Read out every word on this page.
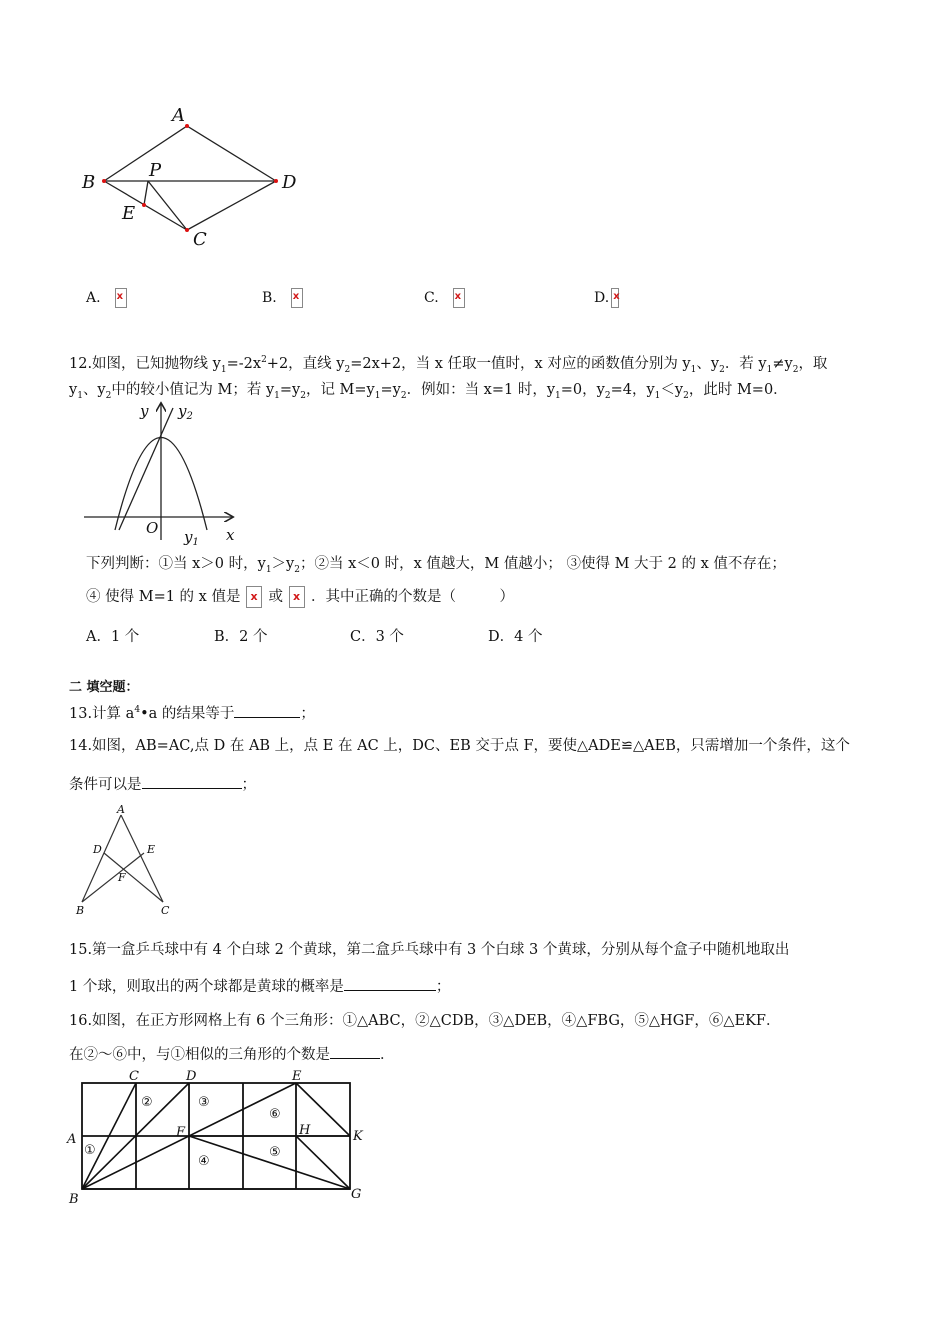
A
B
P
D
E
C
A. x	B. x	C. x	D.x
12.如图，已知抛物线 $y_1=-2x^2+2$，直线 $y_2=2x+2$，当 x 任取一值时，x 对应的函数值分别为 $y_1$、$y_2$．若 $y_1\ne y_2$，取
$y_1$、$y_2$中的较小值记为 M；若 $y_1=y_2$，记 $M=y_1=y_2$．例如：当 x=1 时，$y_1=0$，$y_2=4$，$y_1<y_2$，此时 M=0．
y $y_2$
O	x
$y_1$
下列判断：①当 x＞0 时，$y_1>y_2$；②当 x＜0 时，x 值越大，M 值越小； ③使得 M 大于 2 的 x 值不存在；
④ 使得 M=1 的 x 值是 x 或 x ．其中正确的个数是（　　　）
A．1 个	B．2 个	C．3 个	D．4 个
二 填空题：
13.计算 $a^4•a$ 的结果等于	；
14.如图，AB=AC,点 D 在 AB 上，点 E 在 AC 上，DC、EB 交于点 F，要使△ADE≌△AEB，只需增加一个条件，这个
条件可以是	；
A
D	E
F
B	C
15.第一盒乒乓球中有 4 个白球 2 个黄球，第二盒乒乓球中有 3 个白球 3 个黄球，分别从每个盒子中随机地取出
1 个球，则取出的两个球都是黄球的概率是	；
16.如图，在正方形网格上有 6 个三角形：①△ABC，②△CDB，③△DEB，④△FBG，⑤△HGF，⑥△EKF．
在②～⑥中，与①相似的三角形的个数是	．
C	D	E
A	F	H	K
B	G
①
②	③
④
⑤
⑥
